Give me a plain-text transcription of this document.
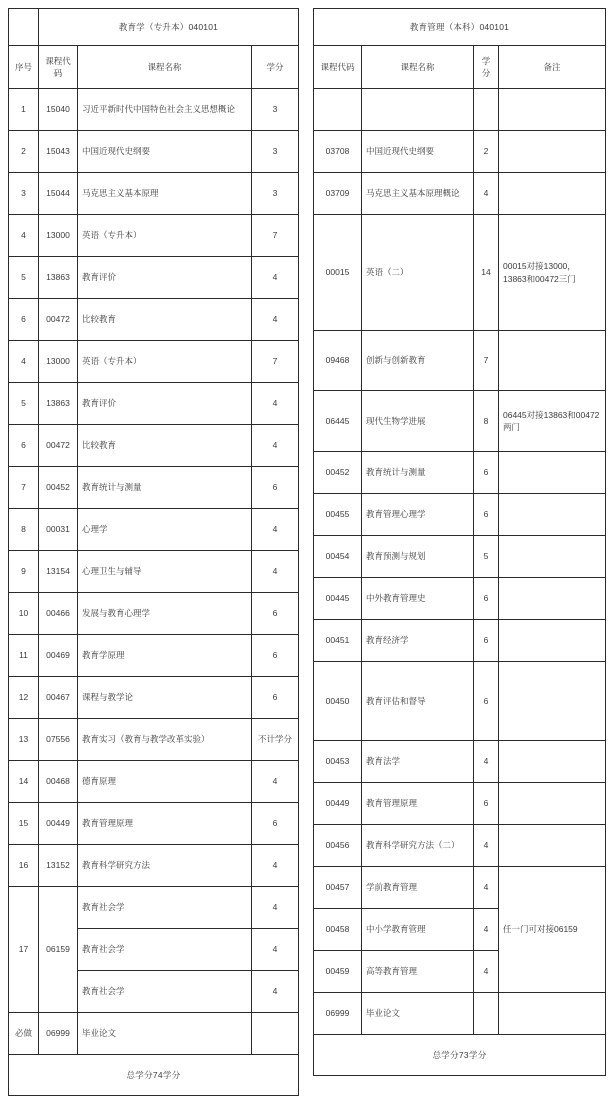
	教育学（专升本）040101		
序号	课程代码	课程名称	学分
1	15040	习近平新时代中国特色社会主义思想概论	3
2	15043	中国近现代史纲要	3
3	15044	马克思主义基本原理	3
4	13000	英语（专升本）	7
5	13863	教育评价	4
6	00472	比较教育	4
4	13000	英语（专升本）	7
5	13863	教育评价	4
6	00472	比较教育	4
7	00452	教育统计与测量	6
8	00031	心理学	4
9	13154	心理卫生与辅导	4
10	00466	发展与教育心理学	6
11	00469	教育学原理	6
12	00467	课程与教学论	6
13	07556	教育实习（教育与教学改革实验）	不计学分
14	00468	德育原理	4
15	00449	教育管理原理	6
16	13152	教育科学研究方法	4
17	06159	教育社会学	4
		教育社会学	4
		教育社会学	4
必做	06999	毕业论文	
总学分74学分			
教育管理（本科）040101			
课程代码	课程名称	学分	备注

03708	中国近现代史纲要	2	
03709	马克思主义基本原理概论	4	
00015	英语（二）	14	00015对接13000，
13863和00472三门
09468	创新与创新教育	7	
06445	现代生物学进展	8	06445对接13863和00472两门
00452	教育统计与测量	6	
00455	教育管理心理学	6	
00454	教育预测与规划	5	
00445	中外教育管理史	6	
00451	教育经济学	6	
00450	教育评估和督导	6	
00453	教育法学	4	
00449	教育管理原理	6	
00456	教育科学研究方法（二）	4	
00457	学前教育管理	4	任一门可对接06159
00458	中小学教育管理	4	
00459	高等教育管理	4	
06999	毕业论文		
总学分73学分			
